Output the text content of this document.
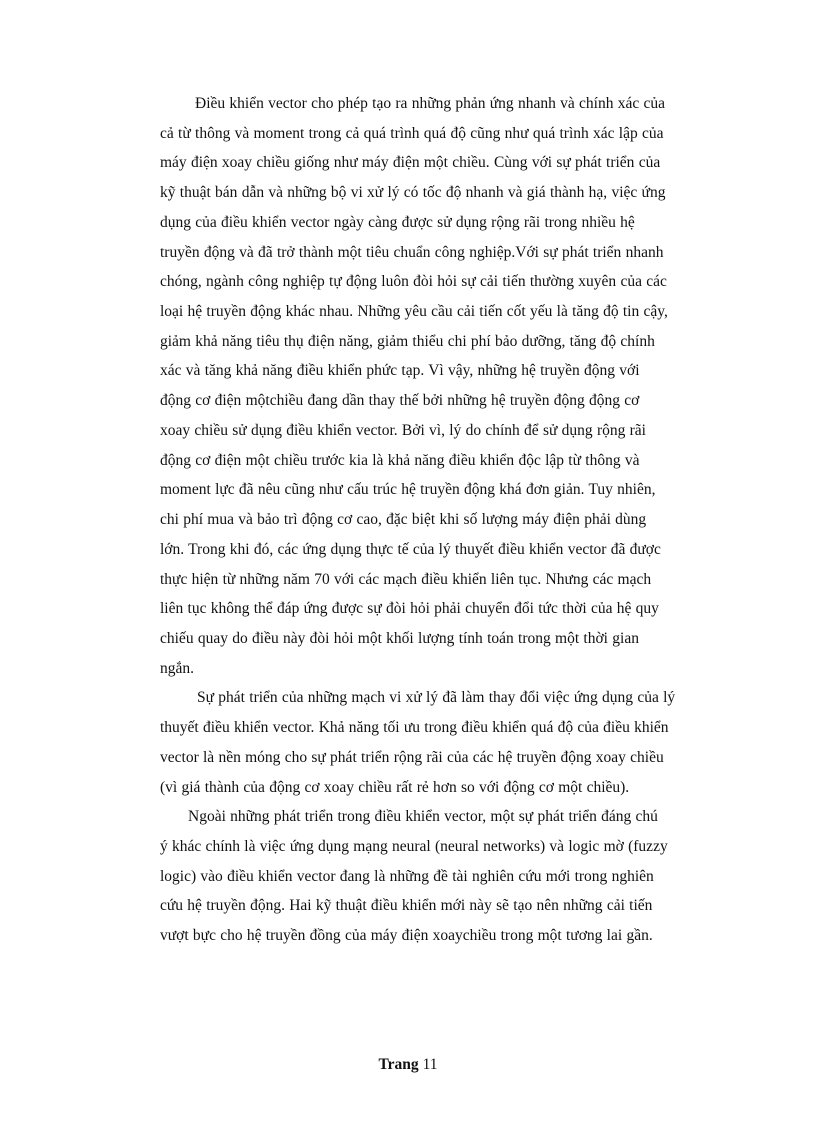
Điều khiển vector cho phép tạo ra những phản ứng nhanh và chính xác của
cả từ thông và moment trong cả quá trình quá độ cũng như quá trình xác lập của
máy điện xoay chiều giống như máy điện một chiều. Cùng với sự phát triển của
kỹ thuật bán dẫn và những bộ vi xử lý có tốc độ nhanh và giá thành hạ, việc ứng
dụng của điều khiển vector ngày càng được sử dụng rộng rãi trong nhiều hệ
truyền động và đã trở thành một tiêu chuẩn công nghiệp.Với sự phát triển nhanh
chóng, ngành công nghiệp tự động luôn đòi hỏi sự cải tiến thường xuyên của các
loại hệ truyền động khác nhau. Những yêu cầu cải tiến cốt yếu là tăng độ tin cậy,
giảm khả năng tiêu thụ điện năng, giảm thiểu chi phí bảo dưỡng, tăng độ chính
xác và tăng khả năng điều khiển phức tạp. Vì vậy, những hệ truyền động với
động cơ điện mộtchiều đang dần thay thế bởi những hệ truyền động động cơ
xoay chiều sử dụng điều khiển vector. Bởi vì, lý do chính để sử dụng rộng rãi
động cơ điện một chiều trước kia là khả năng điều khiển độc lập từ thông và
moment lực đã nêu cũng như cấu trúc hệ truyền động khá đơn giản. Tuy nhiên,
chi phí mua và bảo trì động cơ cao, đặc biệt khi số lượng máy điện phải dùng
lớn. Trong khi đó, các ứng dụng thực tế của lý thuyết điều khiển vector đã được
thực hiện từ những năm 70 với các mạch điều khiển liên tục. Nhưng các mạch
liên tục không thể đáp ứng được sự đòi hỏi phải chuyển đổi tức thời của hệ quy
chiếu quay do điều này đòi hỏi một khối lượng tính toán trong một thời gian
ngắn.
Sự phát triển của những mạch vi xử lý đã làm thay đổi việc ứng dụng của lý
thuyết điều khiển vector. Khả năng tối ưu trong điều khiển quá độ của điều khiển
vector là nền móng cho sự phát triển rộng rãi của các hệ truyền động xoay chiều
(vì giá thành của động cơ xoay chiều rất rẻ hơn so với động cơ một chiều).
Ngoài những phát triển trong điều khiển vector, một sự phát triển đáng chú
ý khác chính là việc ứng dụng mạng neural (neural networks) và logic mờ (fuzzy
logic) vào điều khiển vector đang là những đề tài nghiên cứu mới trong nghiên
cứu hệ truyền động. Hai kỹ thuật điều khiển mới này sẽ tạo nên những cải tiến
vượt bực cho hệ truyền đồng của máy điện xoaychiều trong một tương lai gần.
Trang 11
